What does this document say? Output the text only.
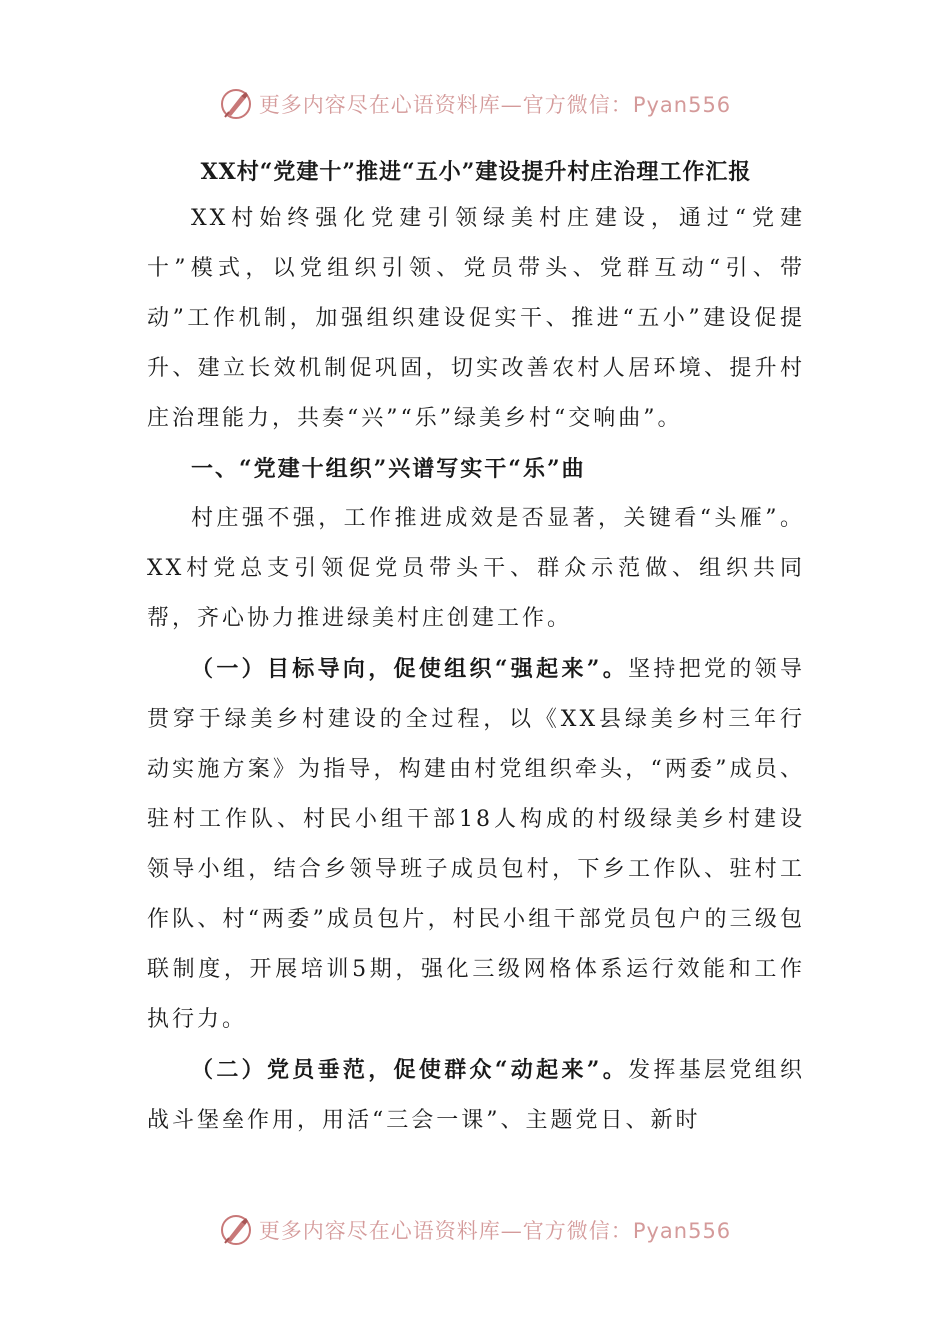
更多内容尽在心语资料库—官方微信：Pyan556
XX村“党建十”推进“五小”建设提升村庄治理工作汇报

XX村始终强化党建引领绿美村庄建设，通过“党建十”模式，以党组织引领、党员带头、党群互动“引、带动”工作机制，加强组织建设促实干、推进“五小”建设促提升、建立长效机制促巩固，切实改善农村人居环境、提升村庄治理能力，共奏“兴”“乐”绿美乡村“交响曲”。

一、“党建十组织”兴谱写实干“乐”曲

村庄强不强，工作推进成效是否显著，关键看“头雁”。XX村党总支引领促党员带头干、群众示范做、组织共同帮，齐心协力推进绿美村庄创建工作。

（一）目标导向，促使组织“强起来”。坚持把党的领导贯穿于绿美乡村建设的全过程，以《XX县绿美乡村三年行动实施方案》为指导，构建由村党组织牵头，“两委”成员、驻村工作队、村民小组干部18人构成的村级绿美乡村建设领导小组，结合乡领导班子成员包村，下乡工作队、驻村工作队、村“两委”成员包片，村民小组干部党员包户的三级包联制度，开展培训5期，强化三级网格体系运行效能和工作执行力。

（二）党员垂范，促使群众“动起来”。发挥基层党组织战斗堡垒作用，用活“三会一课”、主题党日、新时

更多内容尽在心语资料库—官方微信：Pyan556
